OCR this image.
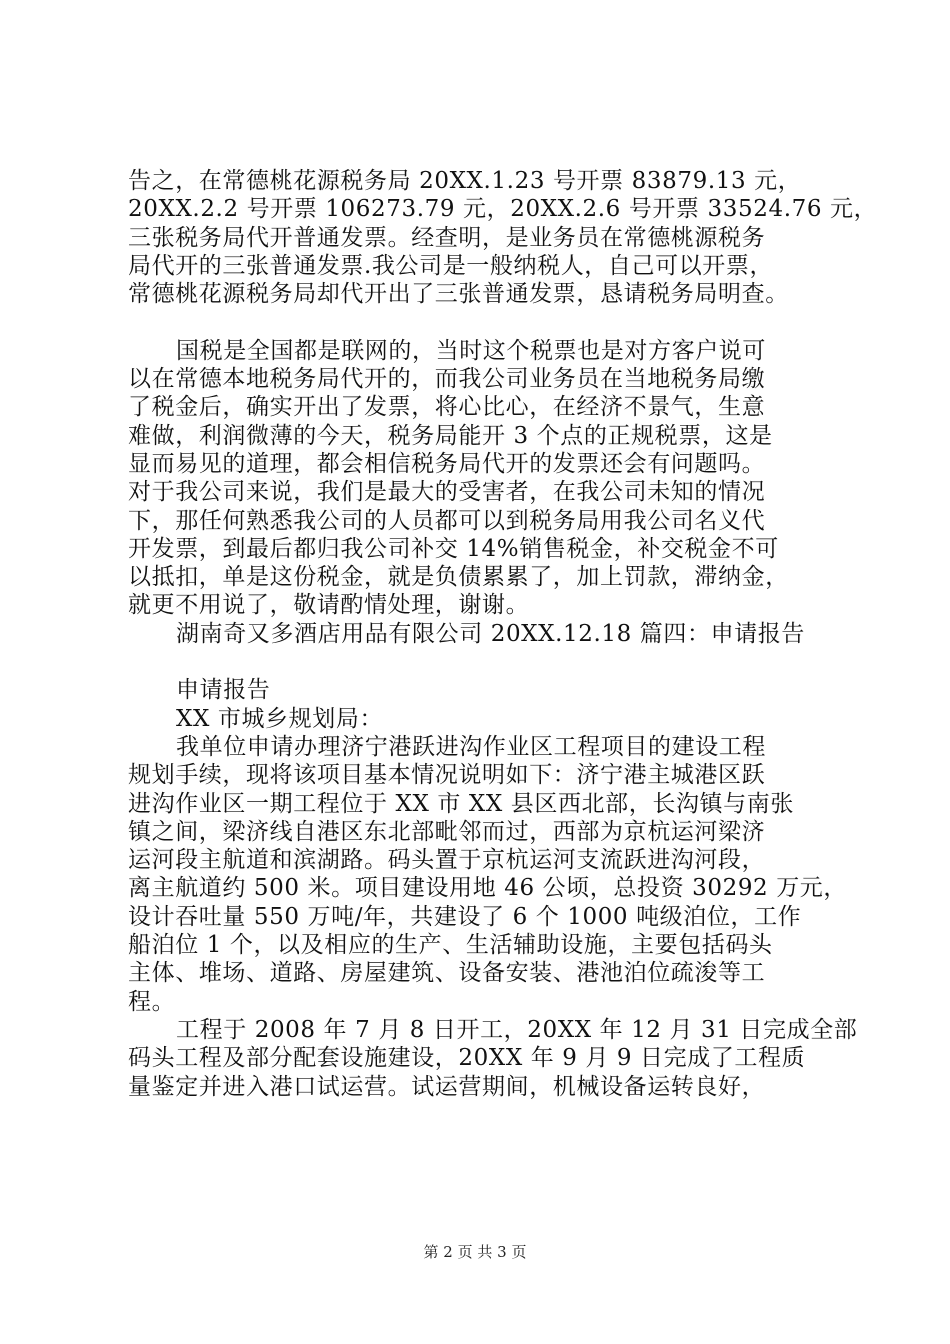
告之，在常德桃花源税务局 20XX.1.23 号开票 83879.13 元，
20XX.2.2 号开票 106273.79 元，20XX.2.6 号开票 33524.76 元，
三张税务局代开普通发票。经查明，是业务员在常德桃源税务
局代开的三张普通发票.我公司是一般纳税人，自己可以开票，
常德桃花源税务局却代开出了三张普通发票，恳请税务局明查。
国税是全国都是联网的，当时这个税票也是对方客户说可
以在常德本地税务局代开的，而我公司业务员在当地税务局缴
了税金后，确实开出了发票，将心比心，在经济不景气，生意
难做，利润微薄的今天，税务局能开 3 个点的正规税票，这是
显而易见的道理，都会相信税务局代开的发票还会有问题吗。
对于我公司来说，我们是最大的受害者，在我公司未知的情况
下，那任何熟悉我公司的人员都可以到税务局用我公司名义代
开发票，到最后都归我公司补交 14%销售税金，补交税金不可
以抵扣，单是这份税金，就是负债累累了，加上罚款，滞纳金，
就更不用说了，敬请酌情处理，谢谢。
湖南奇又多酒店用品有限公司 20XX.12.18 篇四：申请报告
申请报告
XX 市城乡规划局：
我单位申请办理济宁港跃进沟作业区工程项目的建设工程
规划手续，现将该项目基本情况说明如下：济宁港主城港区跃
进沟作业区一期工程位于 XX 市 XX 县区西北部，长沟镇与南张
镇之间，梁济线自港区东北部毗邻而过，西部为京杭运河梁济
运河段主航道和滨湖路。码头置于京杭运河支流跃进沟河段，
离主航道约 500 米。项目建设用地 46 公顷，总投资 30292 万元，
设计吞吐量 550 万吨/年，共建设了 6 个 1000 吨级泊位，工作
船泊位 1 个，以及相应的生产、生活辅助设施，主要包括码头
主体、堆场、道路、房屋建筑、设备安装、港池泊位疏浚等工
程。
工程于 2008 年 7 月 8 日开工，20XX 年 12 月 31 日完成全部
码头工程及部分配套设施建设，20XX 年 9 月 9 日完成了工程质
量鉴定并进入港口试运营。试运营期间，机械设备运转良好，
第 2 页 共 3 页
